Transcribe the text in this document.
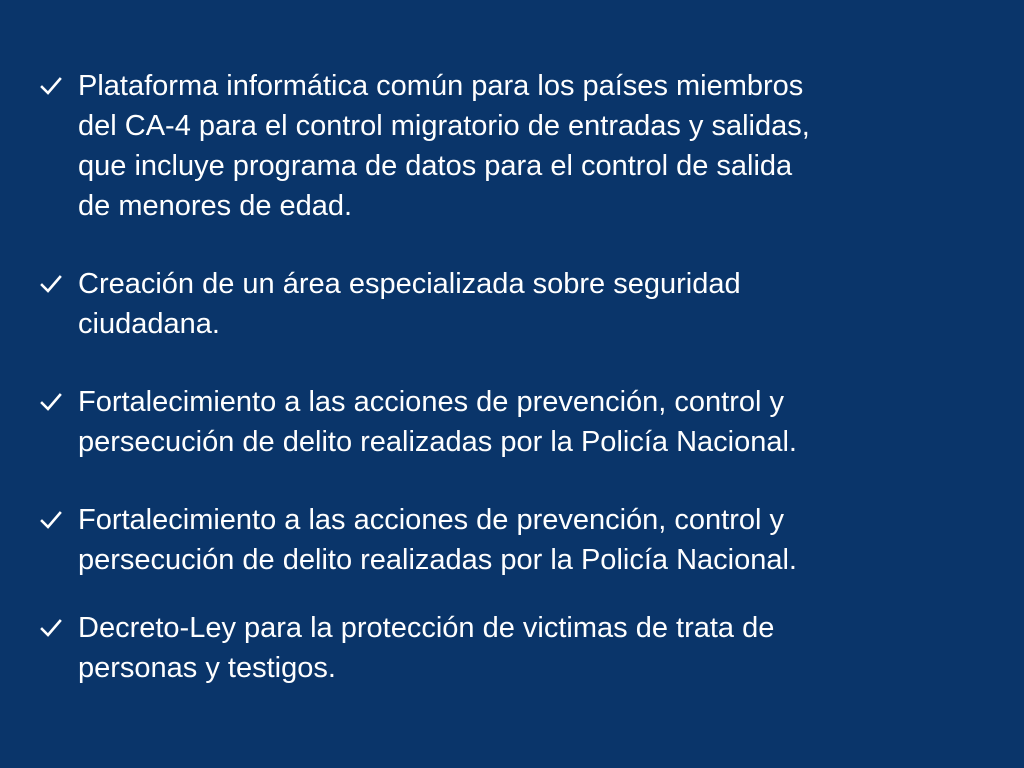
Plataforma informática común para los países miembros
del CA-4 para el control migratorio de entradas y salidas,
que incluye programa de datos para el control de salida
de menores de edad.
Creación de un área especializada sobre seguridad
ciudadana.
Fortalecimiento a las acciones de prevención, control y
persecución de delito realizadas por la Policía Nacional.
Fortalecimiento a las acciones de prevención, control y
persecución de delito realizadas por la Policía Nacional.
Decreto-Ley para la protección de victimas de trata de
personas y testigos.
